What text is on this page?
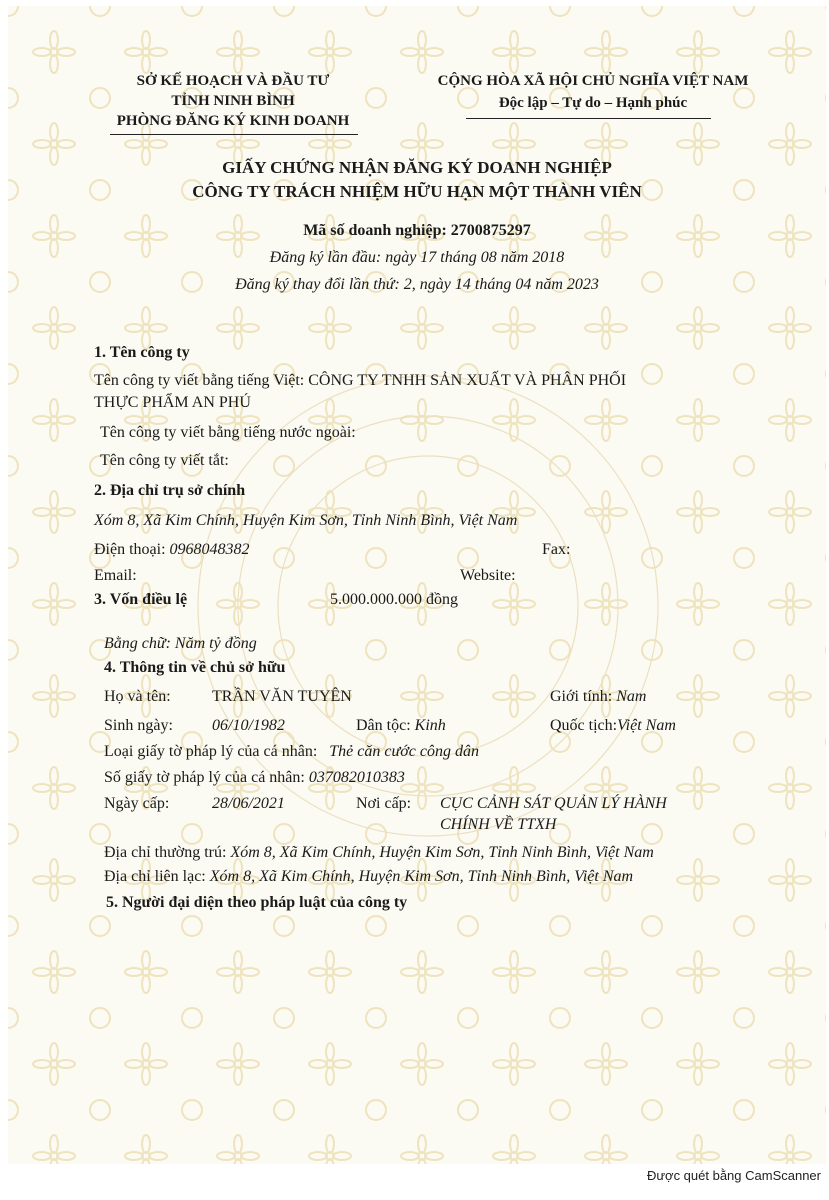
SỞ KẾ HOẠCH VÀ ĐẦU TƯ
TỈNH NINH BÌNH
PHÒNG ĐĂNG KÝ KINH DOANH
CỘNG HÒA XÃ HỘI CHỦ NGHĨA VIỆT NAM
Độc lập – Tự do – Hạnh phúc
GIẤY CHỨNG NHẬN ĐĂNG KÝ DOANH NGHIỆP
CÔNG TY TRÁCH NHIỆM HỮU HẠN MỘT THÀNH VIÊN
Mã số doanh nghiệp: 2700875297
Đăng ký lần đầu: ngày 17 tháng 08 năm 2018
Đăng ký thay đổi lần thứ: 2, ngày 14 tháng 04 năm 2023
1. Tên công ty
Tên công ty viết bằng tiếng Việt: CÔNG TY TNHH SẢN XUẤT VÀ PHÂN PHỐI
THỰC PHẨM AN PHÚ
Tên công ty viết bằng tiếng nước ngoài:
Tên công ty viết tắt:
2. Địa chỉ trụ sở chính
Xóm 8, Xã Kim Chính, Huyện Kim Sơn, Tỉnh Ninh Bình, Việt Nam
Điện thoại: 0968048382	Fax:
Email:	Website:
3. Vốn điều lệ	5.000.000.000 đồng
Bằng chữ: Năm tỷ đồng
4. Thông tin về chủ sở hữu
Họ và tên:	TRẦN VĂN TUYÊN	Giới tính: Nam
Sinh ngày: 06/10/1982	Dân tộc: Kinh	Quốc tịch:Việt Nam
Loại giấy tờ pháp lý của cá nhân: Thẻ căn cước công dân
Số giấy tờ pháp lý của cá nhân: 037082010383
Ngày cấp:	28/06/2021	Nơi cấp: CỤC CẢNH SÁT QUẢN LÝ HÀNH
CHÍNH VỀ TTXH
Địa chỉ thường trú: Xóm 8, Xã Kim Chính, Huyện Kim Sơn, Tỉnh Ninh Bình, Việt Nam
Địa chỉ liên lạc: Xóm 8, Xã Kim Chính, Huyện Kim Sơn, Tỉnh Ninh Bình, Việt Nam
5. Người đại diện theo pháp luật của công ty
Được quét bằng CamScanner
